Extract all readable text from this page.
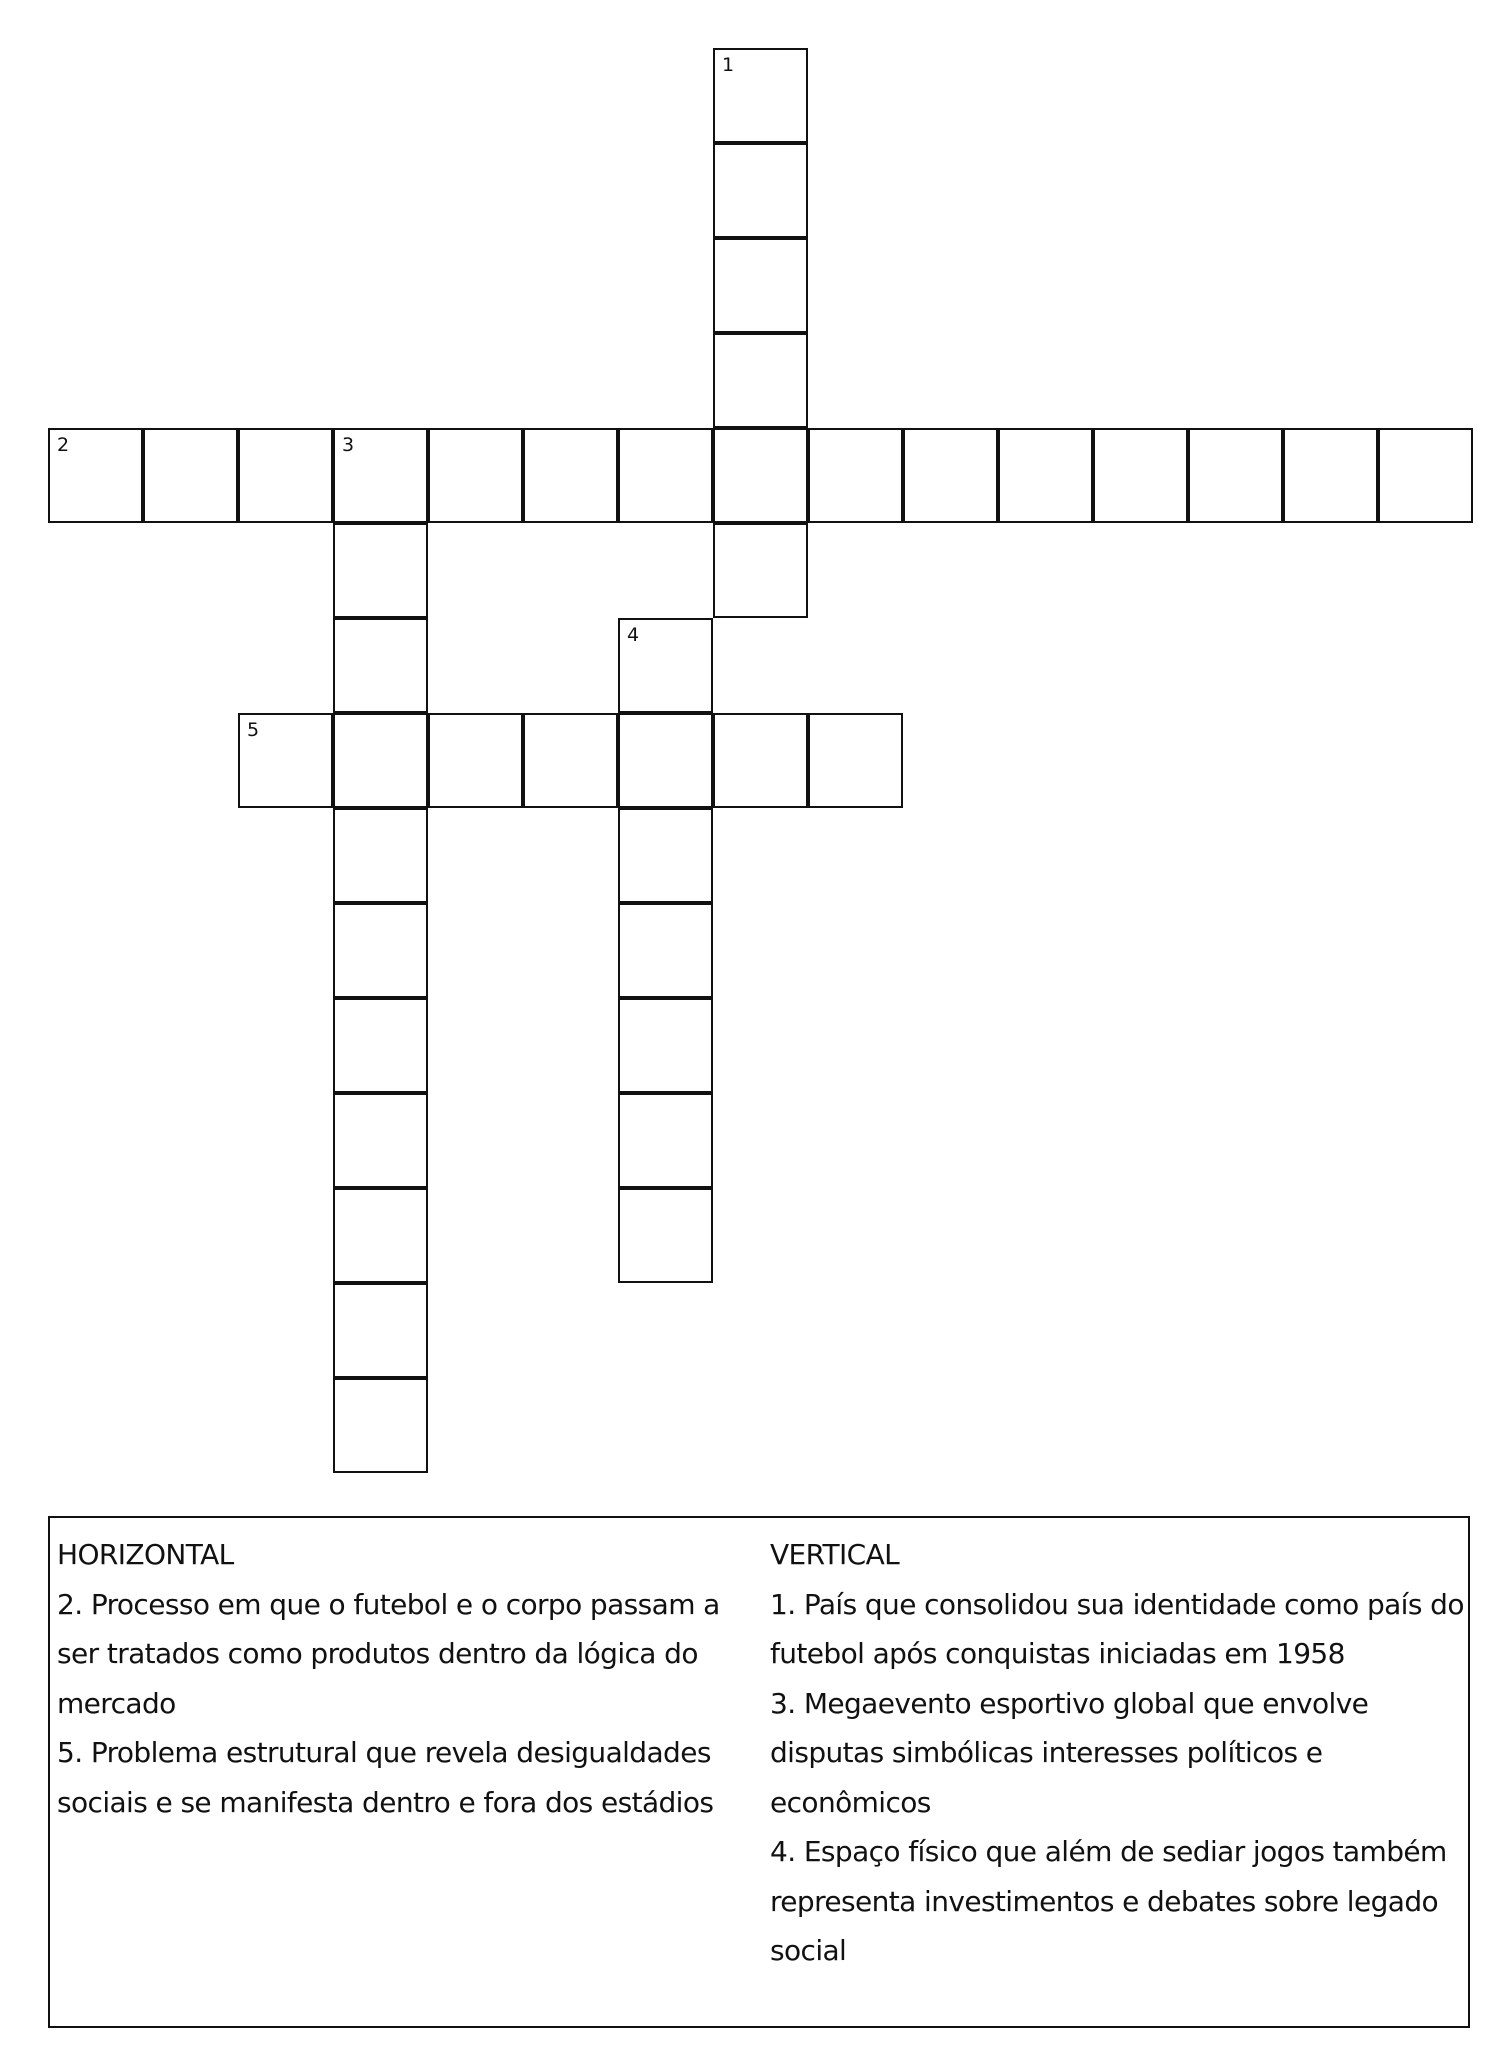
1
2	3
4
5
HORIZONTAL
2. Processo em que o futebol e o corpo passam a ser tratados como produtos dentro da lógica do mercado
5. Problema estrutural que revela desigualdades sociais e se manifesta dentro e fora dos estádios
VERTICAL
1. País que consolidou sua identidade como país do futebol após conquistas iniciadas em 1958
3. Megaevento esportivo global que envolve disputas simbólicas interesses políticos e econômicos
4. Espaço físico que além de sediar jogos também representa investimentos e debates sobre legado social
